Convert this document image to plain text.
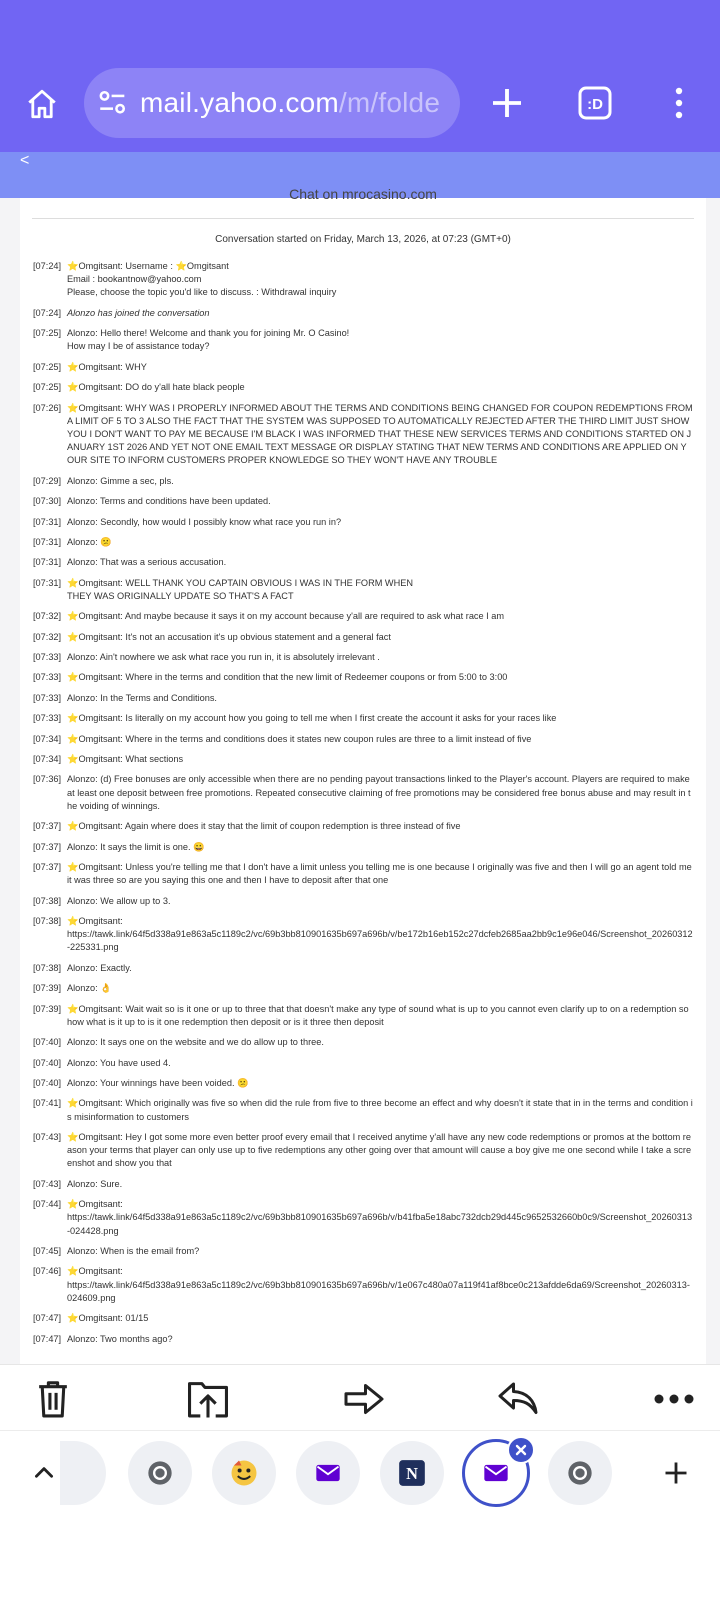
mail.yahoo.com/m/folde	:D
<
Chat on mrocasino.com
Conversation started on Friday, March 13, 2026, at 07:23 (GMT+0)
[07:24] ⭐Omgitsant: Username : ⭐Omgitsant
Email : bookantnow@yahoo.com
Please, choose the topic you'd like to discuss. : Withdrawal inquiry
[07:24] Alonzo has joined the conversation
[07:25] Alonzo: Hello there! Welcome and thank you for joining Mr. O Casino!
How may I be of assistance today?
[07:25] ⭐Omgitsant: WHY
[07:25] ⭐Omgitsant: DO do y'all hate black people
[07:26] ⭐Omgitsant: WHY WAS I PROPERLY INFORMED ABOUT THE TERMS AND CONDITIONS BEING CHANGED FOR COUPON REDEMPTIONS FROM A LIMIT OF 5 TO 3 ALSO THE FACT THAT THE SYSTEM WAS SUPPOSED TO AUTOMATICALLY REJECTED AFTER THE THIRD LIMIT JUST SHOW YOU I DON'T WANT TO PAY ME BECAUSE I'M BLACK I WAS INFORMED THAT THESE NEW SERVICES TERMS AND CONDITIONS STARTED ON JANUARY 1ST 2026 AND YET NOT ONE EMAIL TEXT MESSAGE OR DISPLAY STATING THAT NEW TERMS AND CONDITIONS ARE APPLIED ON YOUR SITE TO INFORM CUSTOMERS PROPER KNOWLEDGE SO THEY WON'T HAVE ANY TROUBLE
[07:29] Alonzo: Gimme a sec, pls.
[07:30] Alonzo: Terms and conditions have been updated.
[07:31] Alonzo: Secondly, how would I possibly know what race you run in?
[07:31] Alonzo: 😕
[07:31] Alonzo: That was a serious accusation.
[07:31] ⭐Omgitsant: WELL THANK YOU CAPTAIN OBVIOUS I WAS IN THE FORM WHEN
THEY WAS ORIGINALLY UPDATE SO THAT'S A FACT
[07:32] ⭐Omgitsant: And maybe because it says it on my account because y'all are required to ask what race I am
[07:32] ⭐Omgitsant: It's not an accusation it's up obvious statement and a general fact
[07:33] Alonzo: Ain't nowhere we ask what race you run in, it is absolutely irrelevant .
[07:33] ⭐Omgitsant: Where in the terms and condition that the new limit of Redeemer coupons or from 5:00 to 3:00
[07:33] Alonzo: In the Terms and Conditions.
[07:33] ⭐Omgitsant: Is literally on my account how you going to tell me when I first create the account it asks for your races like
[07:34] ⭐Omgitsant: Where in the terms and conditions does it states new coupon rules are three to a limit instead of five
[07:34] ⭐Omgitsant: What sections
[07:36] Alonzo: (d) Free bonuses are only accessible when there are no pending payout transactions linked to the Player's account. Players are required to make at least one deposit between free promotions. Repeated consecutive claiming of free promotions may be considered free bonus abuse and may result in the voiding of winnings.
[07:37] ⭐Omgitsant: Again where does it stay that the limit of coupon redemption is three instead of five
[07:37] Alonzo: It says the limit is one. 😀
[07:37] ⭐Omgitsant: Unless you're telling me that I don't have a limit unless you telling me is one because I originally was five and then I will go an agent told me it was three so are you saying this one and then I have to deposit after that one
[07:38] Alonzo: We allow up to 3.
[07:38] ⭐Omgitsant:
https://tawk.link/64f5d338a91e863a5c1189c2/vc/69b3bb810901635b697a696b/v/be172b16eb152c27dcfeb2685aa2bb9c1e96e046/Screenshot_20260312-225331.png
[07:38] Alonzo: Exactly.
[07:39] Alonzo: 👌
[07:39] ⭐Omgitsant: Wait wait so is it one or up to three that that doesn't make any type of sound what is up to you cannot even clarify up to on a redemption so how what is it up to is it one redemption then deposit or is it three then deposit
[07:40] Alonzo: It says one on the website and we do allow up to three.
[07:40] Alonzo: You have used 4.
[07:40] Alonzo: Your winnings have been voided. 😕
[07:41] ⭐Omgitsant: Which originally was five so when did the rule from five to three become an effect and why doesn't it state that in in the terms and condition is misinformation to customers
[07:43] ⭐Omgitsant: Hey I got some more even better proof every email that I received anytime y'all have any new code redemptions or promos at the bottom reason your terms that player can only use up to five redemptions any other going over that amount will cause a boy give me one second while I take a screenshot and show you that
[07:43] Alonzo: Sure.
[07:44] ⭐Omgitsant:
https://tawk.link/64f5d338a91e863a5c1189c2/vc/69b3bb810901635b697a696b/v/b41fba5e18abc732dcb29d445c9652532660b0c9/Screenshot_20260313-024428.png
[07:45] Alonzo: When is the email from?
[07:46] ⭐Omgitsant:
https://tawk.link/64f5d338a91e863a5c1189c2/vc/69b3bb810901635b697a696b/v/1e067c480a07a119f41af8bce0c213afdde6da69/Screenshot_20260313-024609.png
[07:47] ⭐Omgitsant: 01/15
[07:47] Alonzo: Two months ago?
N
